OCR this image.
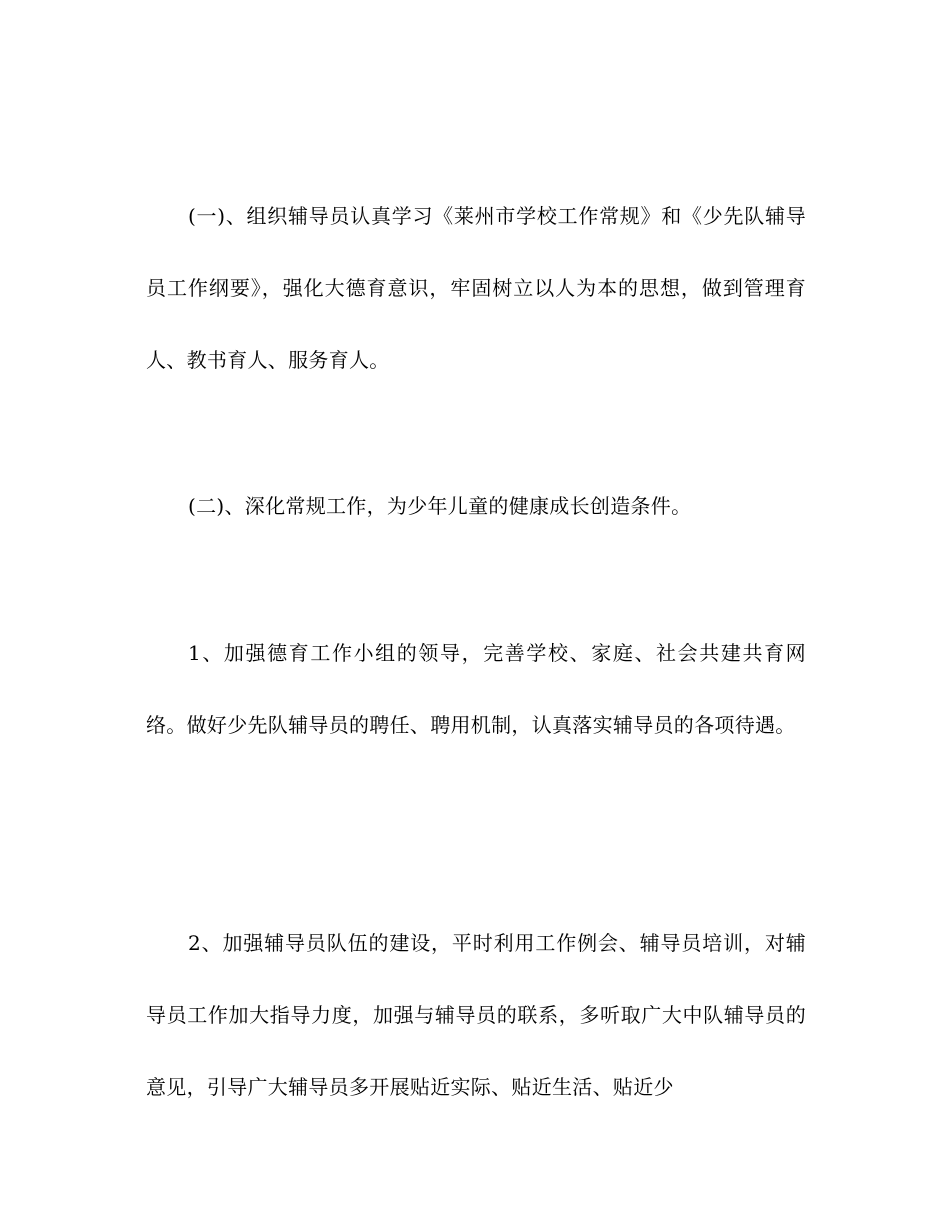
(一)、组织辅导员认真学习《莱州市学校工作常规》和《少先队辅导员工作纲要》，强化大德育意识，牢固树立以人为本的思想，做到管理育人、教书育人、服务育人。

(二)、深化常规工作，为少年儿童的健康成长创造条件。

1、加强德育工作小组的领导，完善学校、家庭、社会共建共育网络。做好少先队辅导员的聘任、聘用机制，认真落实辅导员的各项待遇。

2、加强辅导员队伍的建设，平时利用工作例会、辅导员培训，对辅导员工作加大指导力度，加强与辅导员的联系，多听取广大中队辅导员的意见，引导广大辅导员多开展贴近实际、贴近生活、贴近少
